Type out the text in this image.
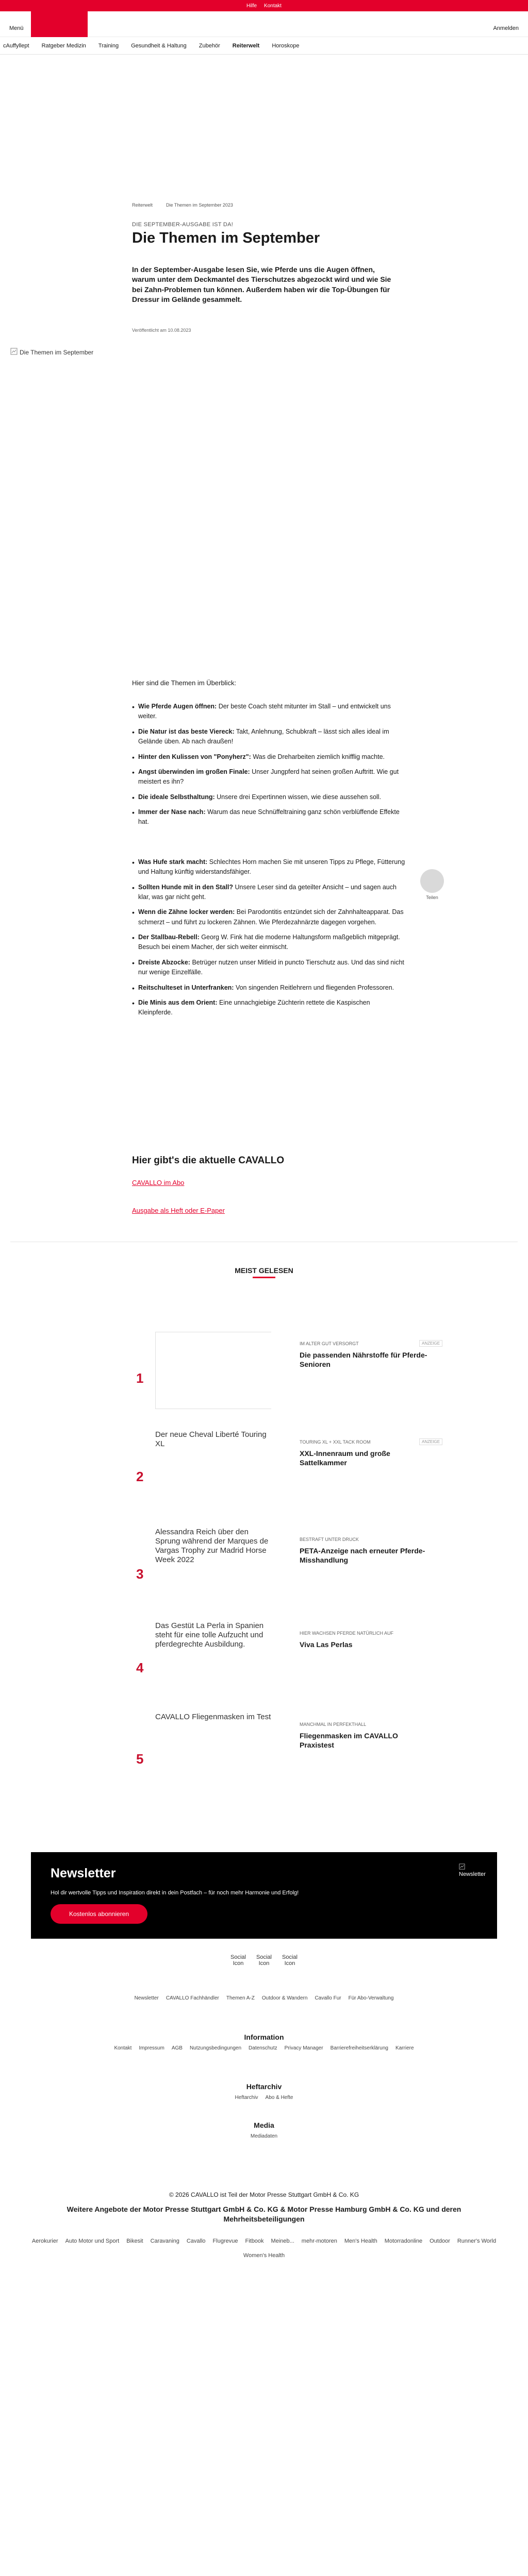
Hilfe Kontakt
Menü	Anmelden
cAuffyllept Ratgeber Medizin Training Gesundheit & Haltung Zubehör Reiterwelt Horoskope
Reiterwelt	Die Themen im September 2023
DIE SEPTEMBER-AUSGABE IST DA!
Die Themen im September

In der September-Ausgabe lesen Sie, wie Pferde uns die Augen öffnen, warum unter dem Deckmantel des Tierschutzes abgezockt wird und wie Sie bei Zahn-Problemen tun können. Außerdem haben wir die Top-Übungen für Dressur im Gelände gesammelt.

Veröffentlicht am 10.08.2023
Die Themen im September

Hier sind die Themen im Überblick:

• Wie Pferde Augen öffnen: Der beste Coach steht mitunter im Stall – und entwickelt uns weiter.
• Die Natur ist das beste Viereck: Takt, Anlehnung, Schubkraft – lässt sich alles ideal im Gelände üben. Ab nach draußen!
• Hinter den Kulissen von "Ponyherz": Was die Dreharbeiten ziemlich knifflig machte.
• Angst überwinden im großen Finale: Unser Jungpferd hat seinen großen Auftritt. Wie gut meistert es ihn?
• Die ideale Selbsthaltung: Unsere drei Expertinnen wissen, wie diese aussehen soll.
• Immer der Nase nach: Warum das neue Schnüffeltraining ganz schön verblüffende Effekte hat.
• Was Hufe stark macht: Schlechtes Horn machen Sie mit unseren Tipps zu Pflege, Fütterung und Haltung künftig widerstandsfähiger.
• Sollten Hunde mit in den Stall? Unsere Leser sind da geteilter Ansicht – und sagen auch klar, was gar nicht geht.
• Wenn die Zähne locker werden: Bei Parodontitis entzündet sich der Zahnhalteapparat. Das schmerzt – und führt zu lockeren Zähnen. Wie Pferdezahnärzte dagegen vorgehen.
• Der Stallbau-Rebell: Georg W. Fink hat die moderne Haltungsform maßgeblich mitgeprägt. Besuch bei einem Macher, der sich weiter einmischt.
• Dreiste Abzocke: Betrüger nutzen unser Mitleid in puncto Tierschutz aus. Und das sind nicht nur wenige Einzelfälle.
• Reitschulteset in Unterfranken: Von singenden Reitlehrern und fliegenden Professoren.
• Die Minis aus dem Orient: Eine unnachgiebige Züchterin rettete die Kaspischen Kleinpferde.
Teilen
Hier gibt's die aktuelle CAVALLO
CAVALLO im Abo
Ausgabe als Heft oder E-Paper
MEIST GELESEN
1
IM ALTER GUT VERSORGT
Die passenden Nährstoffe für Pferde-Senioren
ANZEIGE
2
Der neue Cheval Liberté Touring XL	TOURING XL + XXL TACK ROOM
XXL-Innenraum und große Sattelkammer
ANZEIGE
3
Alessandra Reich über den Sprung während der Marques de Vargas Trophy zur Madrid Horse Week 2022
BESTRAFT UNTER DRUCK
PETA-Anzeige nach erneuter Pferde-Misshandlung
4
Das Gestüt La Perla in Spanien steht für eine tolle Aufzucht und pferdegrechte Ausbildung.
HIER WACHSEN PFERDE NATÜRLICH AUF
Viva Las Perlas
5
CAVALLO Fliegenmasken im Test
MANCHMAL IN PERFEKTHALL
Fliegenmasken im CAVALLO Praxistest
Newsletter
Hol dir wertvolle Tipps und Inspiration direkt in dein Postfach – für noch mehr Harmonie und Erfolg!
Kostenlos abonnieren
Newsletter
Social Icon
Social Icon
Social Icon
Newsletter CAVALLO Fachhändler Themen A-Z Outdoor & Wandern Cavallo Fur Für Abo-Verwaltung
Information
Kontakt Impressum AGB Nutzungsbedingungen Datenschutz Privacy Manager Barrierefreiheitserklärung Karriere
Heftarchiv
Heftarchiv Abo & Hefte
Media
Mediadaten
© 2026 CAVALLO ist Teil der Motor Presse Stuttgart GmbH & Co. KG
Weitere Angebote der Motor Presse Stuttgart GmbH & Co. KG & Motor Presse Hamburg GmbH & Co. KG und deren Mehrheitsbeteiligungen
Aerokurier Auto Motor und Sport Bikesit Caravaning Cavallo Flugrevue Fitbook Meineb... mehr-motoren Men's Health Motorradonline Outdoor Runner's World
Women's Health
